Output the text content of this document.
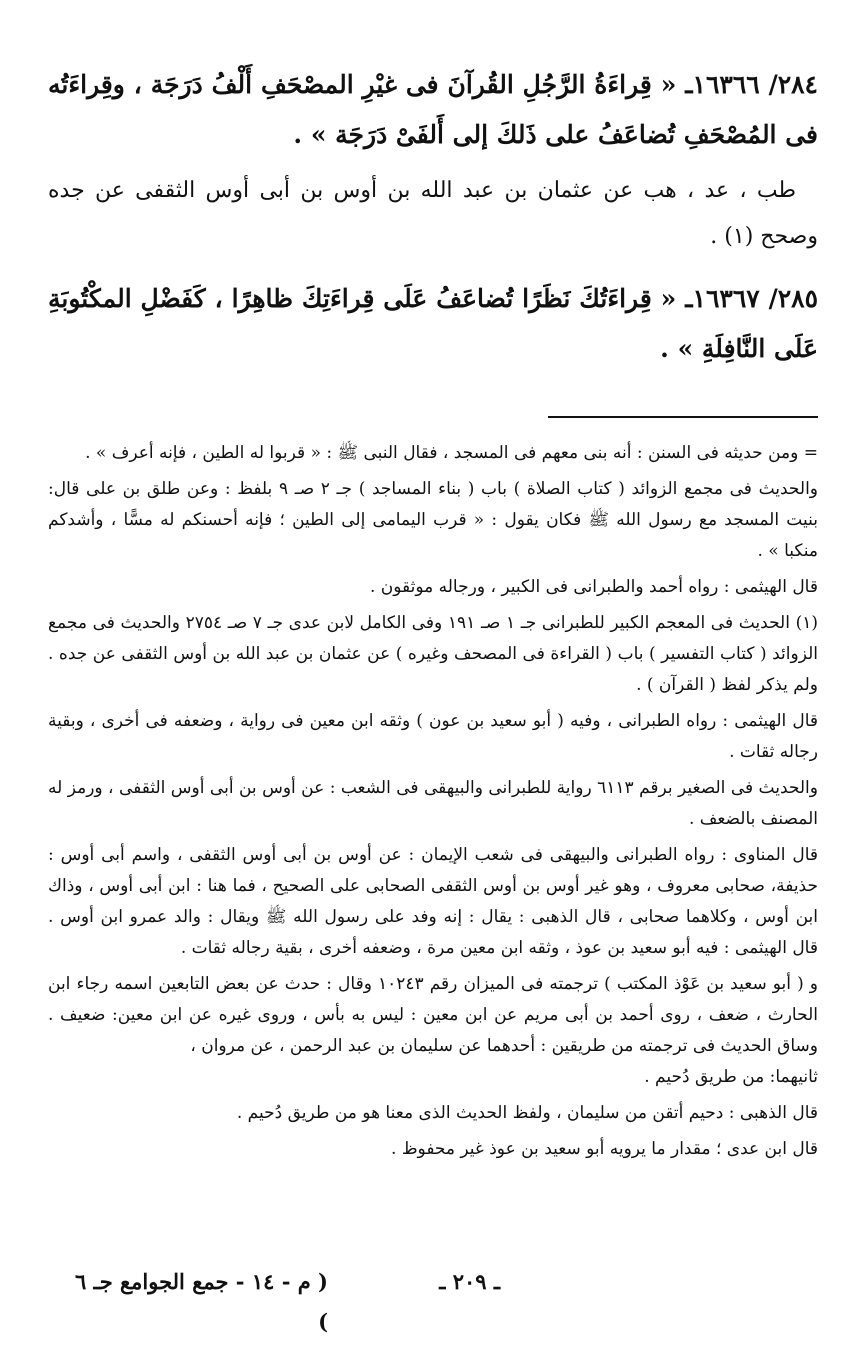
٢٨٤/ ١٦٣٦٦ـ « قِراءَةُ الرَّجُلِ القُرآنَ فى غيْرِ المصْحَفِ أَلْفُ دَرَجَة ، وقِراءَتُه فى المُصْحَفِ تُضاعَفُ على ذَلكَ إلى أَلفَىْ دَرَجَة » .

طب ، عد ، هب عن عثمان بن عبد الله بن أوس بن أبى أوس الثقفى عن جده وصحح (١) .

٢٨٥/ ١٦٣٦٧ـ « قِراءَتُكَ نَظَرًا تُضاعَفُ عَلَى قِراءَتِكَ ظاهِرًا ، كَفَضْلِ المكْتُوبَةِ عَلَى النَّافِلَةِ » .

= ومن حديثه فى السنن : أنه بنى معهم فى المسجد ، فقال النبى ﷺ : « قربوا له الطين ، فإنه أعرف » .

والحديث فى مجمع الزوائد ( كتاب الصلاة ) باب ( بناء المساجد ) جـ ٢ صـ ٩ بلفظ : وعن طلق بن على قال: بنيت المسجد مع رسول الله ﷺ فكان يقول : « قرب اليمامى إلى الطين ؛ فإنه أحسنكم له مسًّا ، وأشدكم منكبا » .

قال الهيثمى : رواه أحمد والطبرانى فى الكبير ، ورجاله موثقون .

(١) الحديث فى المعجم الكبير للطبرانى جـ ١ صـ ١٩١ وفى الكامل لابن عدى جـ ٧ صـ ٢٧٥٤ والحديث فى مجمع الزوائد ( كتاب التفسير ) باب ( القراءة فى المصحف وغيره ) عن عثمان بن عبد الله بن أوس الثقفى عن جده . ولم يذكر لفظ ( القرآن ) .

قال الهيثمى : رواه الطبرانى ، وفيه ( أبو سعيد بن عون ) وثقه ابن معين فى رواية ، وضعفه فى أخرى ، وبقية رجاله ثقات .

والحديث فى الصغير برقم ٦١١٣ رواية للطبرانى والبيهقى فى الشعب : عن أوس بن أبى أوس الثقفى ، ورمز له المصنف بالضعف .

قال المناوى : رواه الطبرانى والبيهقى فى شعب الإيمان : عن أوس بن أبى أوس الثقفى ، واسم أبى أوس : حذيفة، صحابى معروف ، وهو غير أوس بن أوس الثقفى الصحابى على الصحيح ، فما هنا : ابن أبى أوس ، وذاك ابن أوس ، وكلاهما صحابى ، قال الذهبى : يقال : إنه وفد على رسول الله ﷺ ويقال : والد عمرو ابن أوس . قال الهيثمى : فيه أبو سعيد بن عوذ ، وثقه ابن معين مرة ، وضعفه أخرى ، بقية رجاله ثقات .

و ( أبو سعيد بن عَوْذ المكتب ) ترجمته فى الميزان رقم ١٠٢٤٣ وقال : حدث عن بعض التابعين اسمه رجاء ابن الحارث ، ضعف ، روى أحمد بن أبى مريم عن ابن معين : ليس به بأس ، وروى غيره عن ابن معين: ضعيف . وساق الحديث فى ترجمته من طريقين : أحدهما عن سليمان بن عبد الرحمن ، عن مروان ،

ثانيهما: من طريق دُحيم .

قال الذهبى : دحيم أتقن من سليمان ، ولفظ الحديث الذى معنا هو من طريق دُحيم .

قال ابن عدى ؛ مقدار ما يرويه أبو سعيد بن عوذ غير محفوظ .

ـ ٢٠٩ ـ
( م - ١٤ - جمع الجوامع جـ ٦ )
